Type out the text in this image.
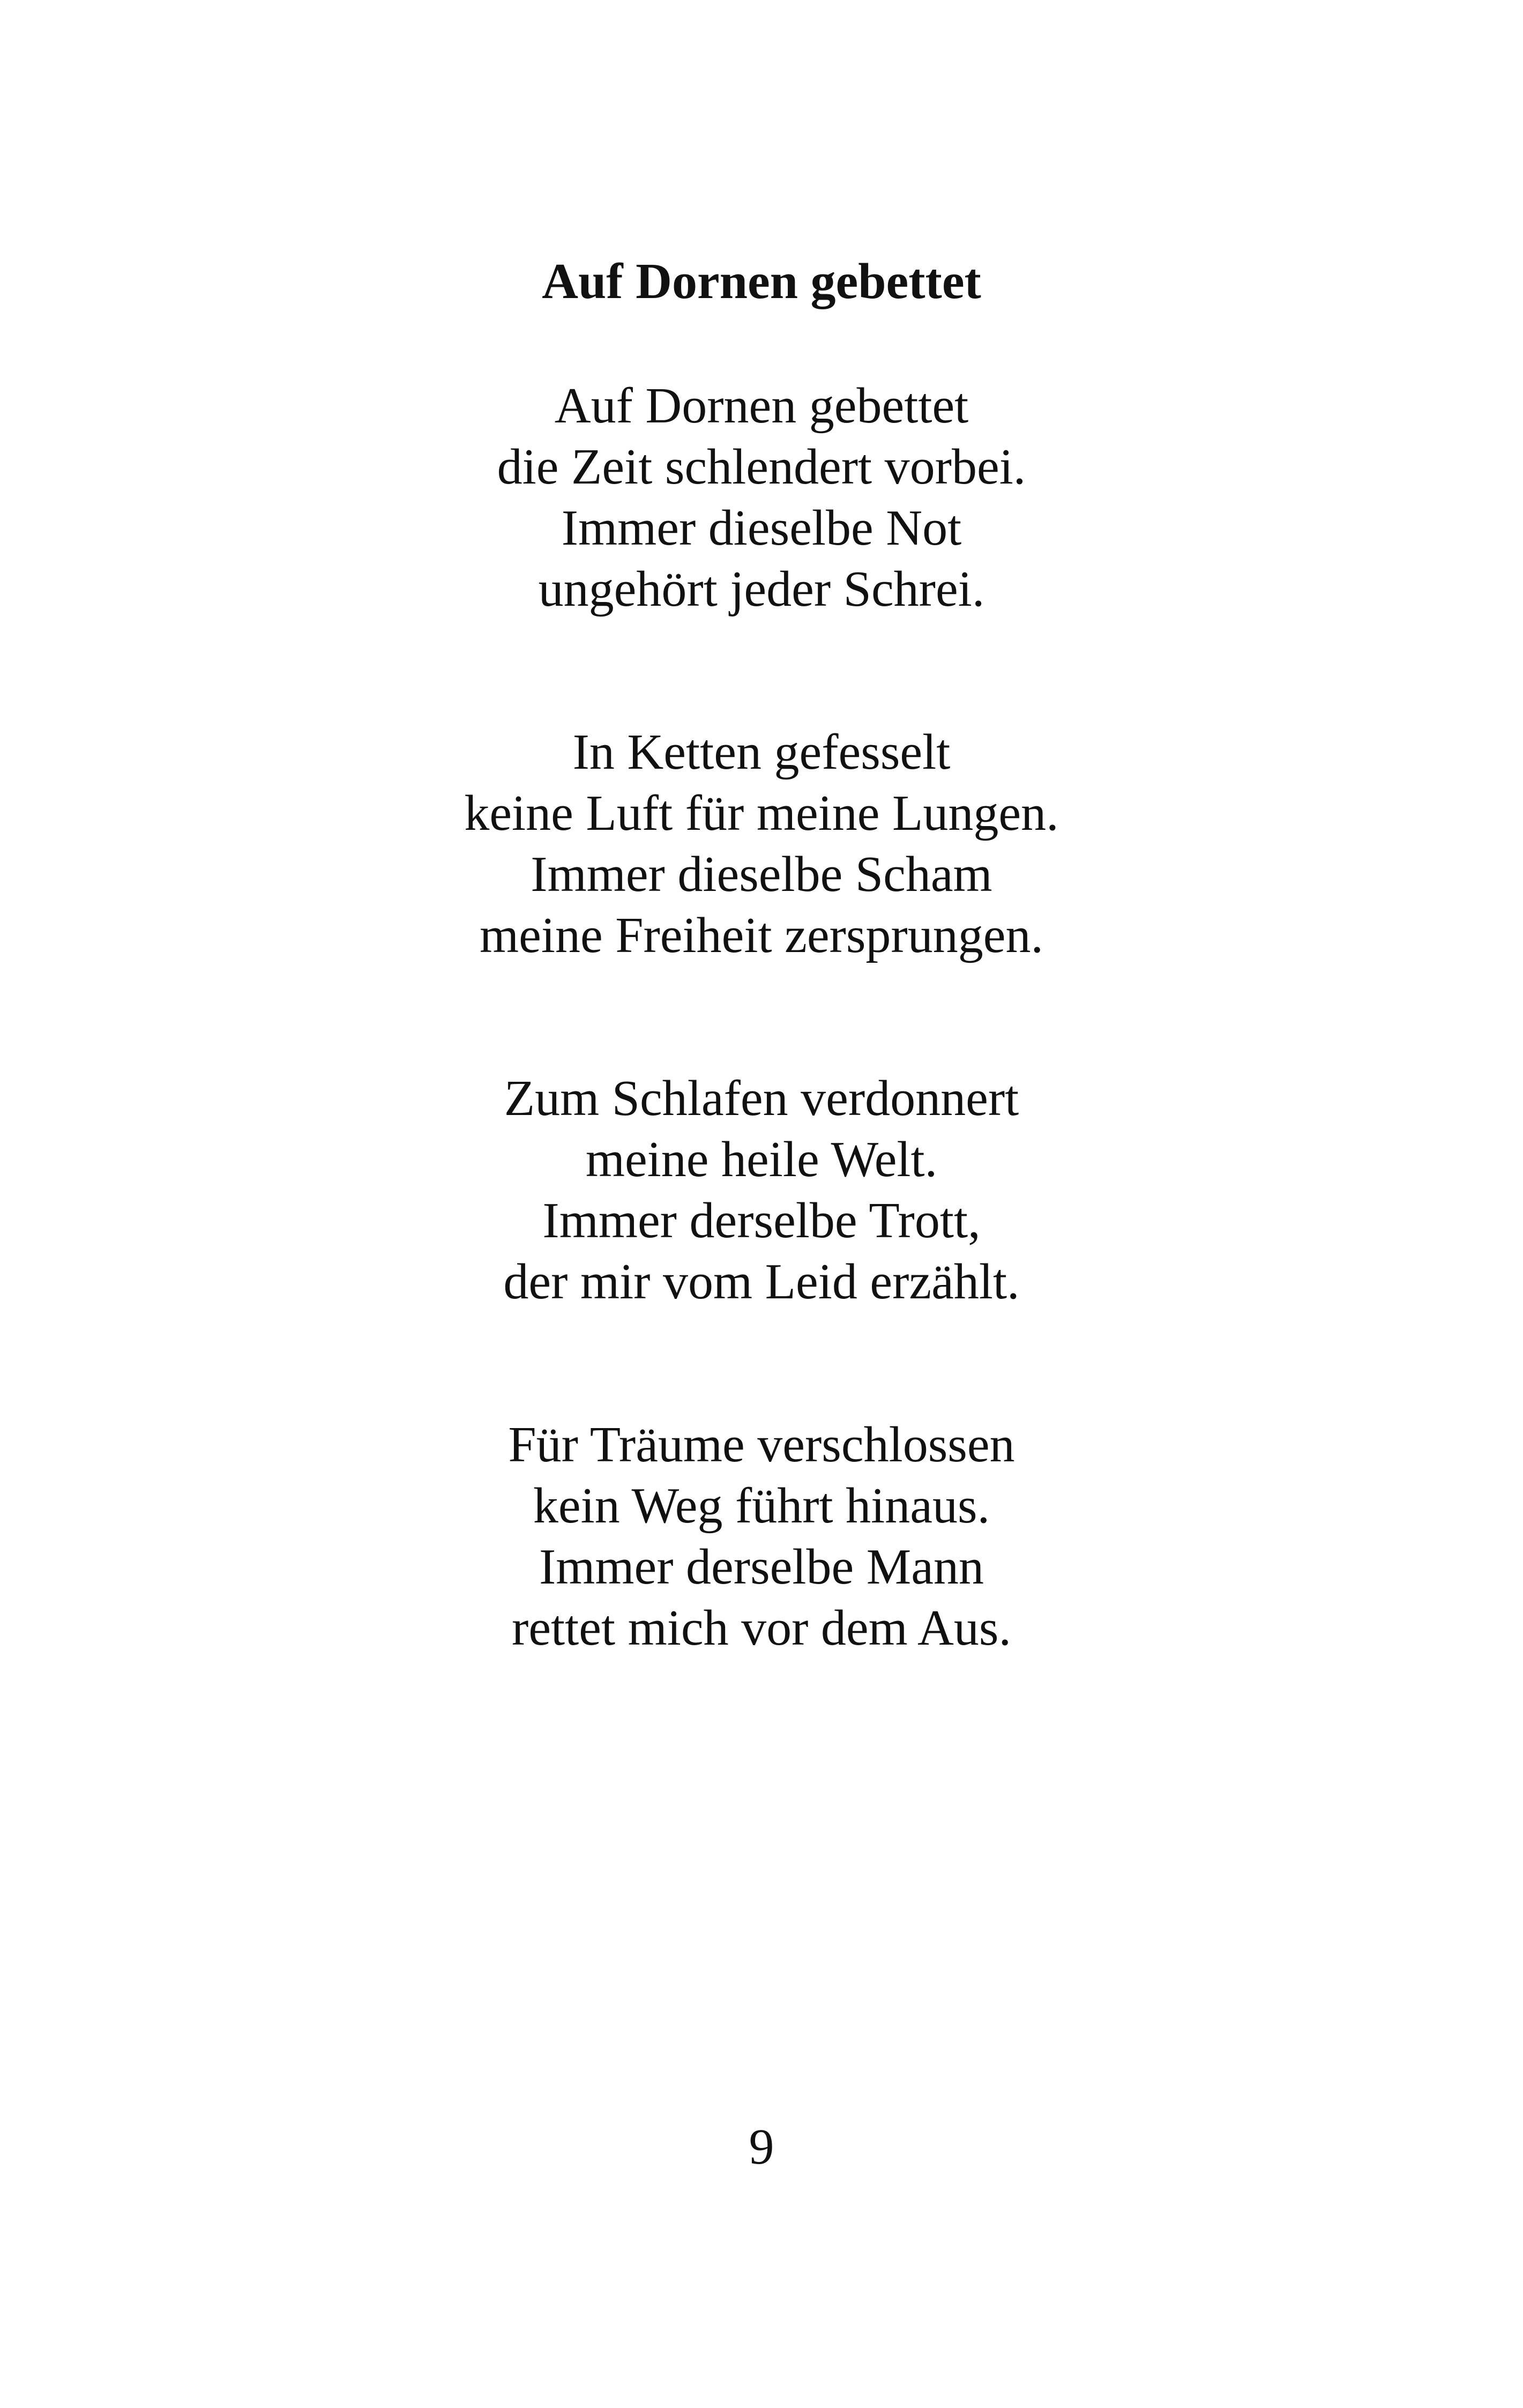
Auf Dornen gebettet
Auf Dornen gebettet
die Zeit schlendert vorbei.
Immer dieselbe Not
ungehört jeder Schrei.
In Ketten gefesselt
keine Luft für meine Lungen.
Immer dieselbe Scham
meine Freiheit zersprungen.
Zum Schlafen verdonnert
meine heile Welt.
Immer derselbe Trott,
der mir vom Leid erzählt.
Für Träume verschlossen
kein Weg führt hinaus.
Immer derselbe Mann
rettet mich vor dem Aus.
9
